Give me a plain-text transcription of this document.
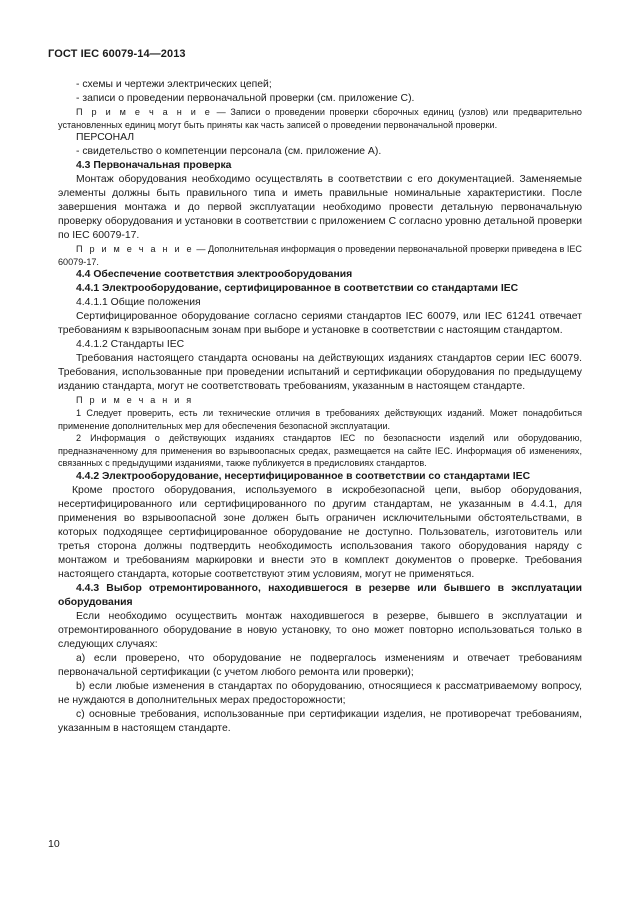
ГОСТ IEC 60079-14—2013

- схемы и чертежи электрических цепей;

- записи о проведении первоначальной проверки (см. приложение C).

П р и м е ч а н и е — Записи о проведении проверки сборочных единиц (узлов) или предварительно установленных единиц могут быть приняты как часть записей о проведении первоначальной проверки.

ПЕРСОНАЛ

- свидетельство о компетенции персонала (см. приложение A).

4.3 Первоначальная проверка

Монтаж оборудования необходимо осуществлять в соответствии с его документацией. Заменяемые элементы должны быть правильного типа и иметь правильные номинальные характеристики. После завершения монтажа и до первой эксплуатации необходимо провести детальную первоначальную проверку оборудования и установки в соответствии с приложением C согласно уровню детальной проверки по IEC 60079-17.

П р и м е ч а н и е — Дополнительная информация о проведении первоначальной проверки приведена в IEC 60079-17.

4.4 Обеспечение соответствия электрооборудования

4.4.1 Электрооборудование, сертифицированное в соответствии со стандартами IEC

4.4.1.1 Общие положения

Сертифицированное оборудование согласно сериями стандартов IEC 60079, или IEC 61241 отвечает требованиям к взрывоопасным зонам при выборе и установке в соответствии с настоящим стандартом.

4.4.1.2 Стандарты IEC

Требования настоящего стандарта основаны на действующих изданиях стандартов серии IEC 60079. Требования, использованные при проведении испытаний и сертификации оборудования по предыдущему изданию стандарта, могут не соответствовать требованиям, указанным в настоящем стандарте.

П р и м е ч а н и я

1 Следует проверить, есть ли технические отличия в требованиях действующих изданий. Может понадобиться применение дополнительных мер для обеспечения безопасной эксплуатации.

2 Информация о действующих изданиях стандартов IEC по безопасности изделий или оборудованию, предназначенному для применения во взрывоопасных средах, размещается на сайте IEC. Информация об изменениях, связанных с предыдущими изданиями, также публикуется в предисловиях стандартов.

4.4.2 Электрооборудование, несертифицированное в соответствии со стандартами IEC

Кроме простого оборудования, используемого в искробезопасной цепи, выбор оборудования, несертифицированного или сертифицированного по другим стандартам, не указанным в 4.4.1, для применения во взрывоопасной зоне должен быть ограничен исключительными обстоятельствами, в которых подходящее сертифицированное оборудование не доступно. Пользователь, изготовитель или третья сторона должны подтвердить необходимость использования такого оборудования наряду с монтажом и требованиям маркировки и внести это в комплект документов о проверке. Требования настоящего стандарта, которые соответствуют этим условиям, могут не применяться.

4.4.3 Выбор отремонтированного, находившегося в резерве или бывшего в эксплуатации оборудования

Если необходимо осуществить монтаж находившегося в резерве, бывшего в эксплуатации и отремонтированного оборудование в новую установку, то оно может повторно использоваться только в следующих случаях:

a) если проверено, что оборудование не подвергалось изменениям и отвечает требованиям первоначальной сертификации (с учетом любого ремонта или проверки);

b) если любые изменения в стандартах по оборудованию, относящиеся к рассматриваемому вопросу, не нуждаются в дополнительных мерах предосторожности;

c) основные требования, использованные при сертификации изделия, не противоречат требованиям, указанным в настоящем стандарте.

10
